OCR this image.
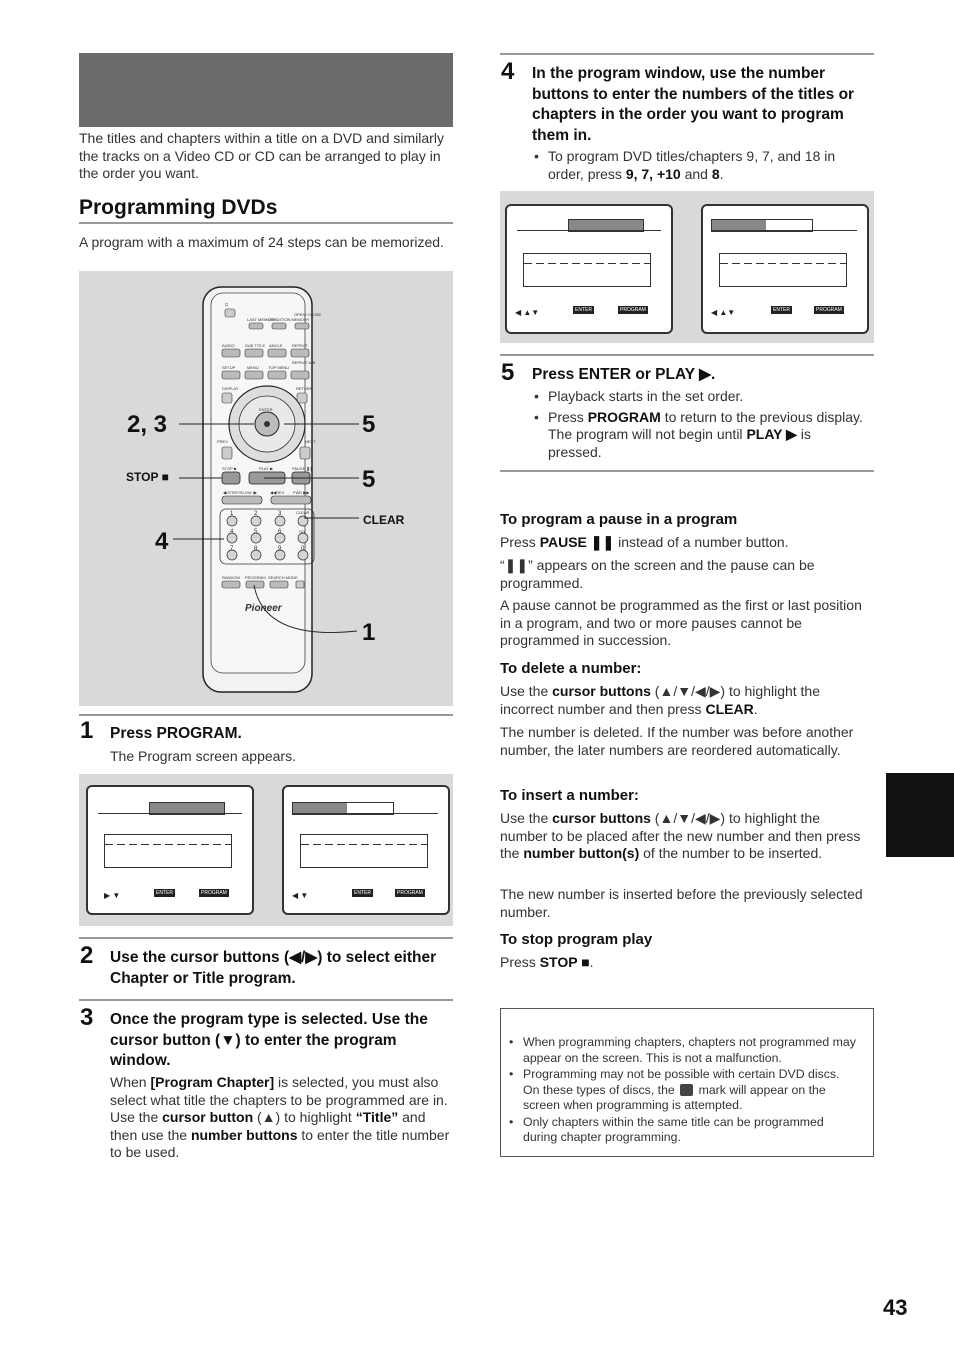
The titles and chapters within a title on a DVD and similarly the tracks on a Video CD or CD can be arranged to play in the order you want.
Programming DVDs
A program with a maximum of 24 steps can be memorized.
⏻
LAST MEMORY
CONDITION MEMORY
OPEN/ CLOSE
AUDIO	SUB TITLE ANGLE REPEAT
SETUP	MENU TOP MENU
REPEAT A-B
DISPLAY	RETURN
ENTER
PREV	NEXT
STOP ■	PLAY ▶	PAUSE ❚❚
◀I/STEP/SLOW I▶	◀◀REV FWD ▶▶
CLEAR
+10
RANDOM PROGRAM SEARCH MODE
1	2	3
4	5	6
7	8	9	0
Pioneer
2, 3	5
5
4
1
STOP ■
CLEAR
1 Press PROGRAM.
The Program screen appears.
▶ ▼	ENTER	PROGRAM	◀ ▼	ENTER	PROGRAM
2 Use the cursor buttons (◀/▶) to select either Chapter or Title program.
3 Once the program type is selected. Use the cursor button (▼) to enter the program window.
When [Program Chapter] is selected, you must also select what title the chapters to be programmed are in. Use the cursor button (▲) to highlight “Title” and then use the number buttons to enter the title number to be used.
4 In the program window, use the number buttons to enter the numbers of the titles or chapters in the order you want to program them in.
• To program DVD titles/chapters 9, 7, and 18 in order, press 9, 7, +10 and 8.
◀ ▲▼	ENTER	PROGRAM	◀ ▲▼	ENTER	PROGRAM
5 Press ENTER or PLAY ▶.
• Playback starts in the set order.
• Press PROGRAM to return to the previous display. The program will not begin until PLAY ▶ is pressed.
To program a pause in a program
Press PAUSE ❚❚ instead of a number button.
“❚❚” appears on the screen and the pause can be programmed.
A pause cannot be programmed as the first or last position in a program, and two or more pauses cannot be programmed in succession.
To delete a number:
Use the cursor buttons (▲/▼/◀/▶) to highlight the incorrect number and then press CLEAR.
The number is deleted. If the number was before another number, the later numbers are reordered automatically.
To insert a number:
Use the cursor buttons (▲/▼/◀/▶) to highlight the number to be placed after the new number and then press the number button(s) of the number to be inserted.
The new number is inserted before the previously selected number.
To stop program play
Press STOP ■.
• When programming chapters, chapters not programmed may appear on the screen. This is not a malfunction.
• Programming may not be possible with certain DVD discs. On these types of discs, the  mark will appear on the screen when programming is attempted.
• Only chapters within the same title can be programmed during chapter programming.
43
